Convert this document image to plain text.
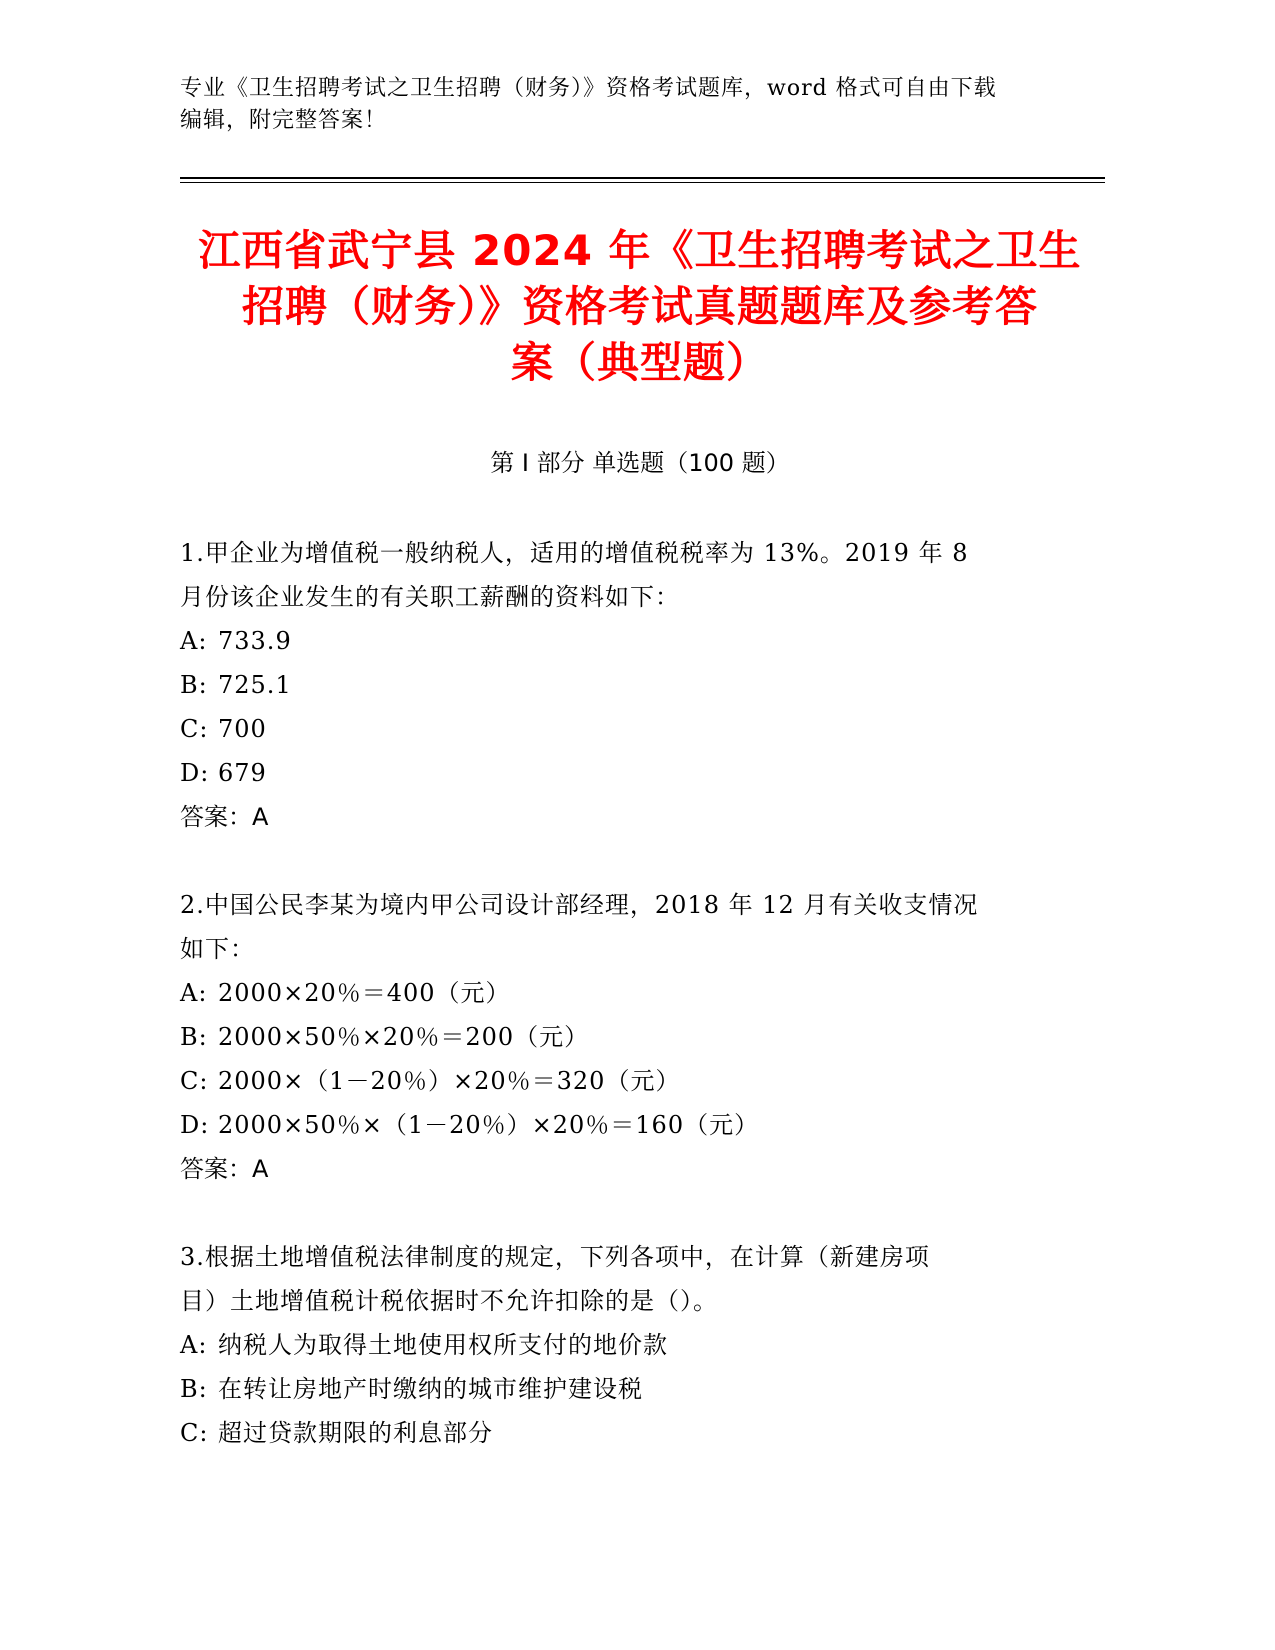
专业《卫生招聘考试之卫生招聘（财务）》资格考试题库，word 格式可自由下载
编辑，附完整答案！
江西省武宁县 2024 年《卫生招聘考试之卫生
招聘（财务）》资格考试真题题库及参考答
案（典型题）
第 I 部分 单选题（100 题）

1.甲企业为增值税一般纳税人，适用的增值税税率为 13%。2019 年 8

月份该企业发生的有关职工薪酬的资料如下：

A: 733.9

B: 725.1

C: 700

D: 679

答案：A

2.中国公民李某为境内甲公司设计部经理，2018 年 12 月有关收支情况

如下：

A: 2000×20％＝400（元）

B: 2000×50％×20％＝200（元）

C: 2000×（1－20％）×20％＝320（元）

D: 2000×50％×（1－20％）×20％＝160（元）

答案：A

3.根据土地增值税法律制度的规定，下列各项中，在计算（新建房项

目）土地增值税计税依据时不允许扣除的是（）。

A: 纳税人为取得土地使用权所支付的地价款

B: 在转让房地产时缴纳的城市维护建设税

C: 超过贷款期限的利息部分
